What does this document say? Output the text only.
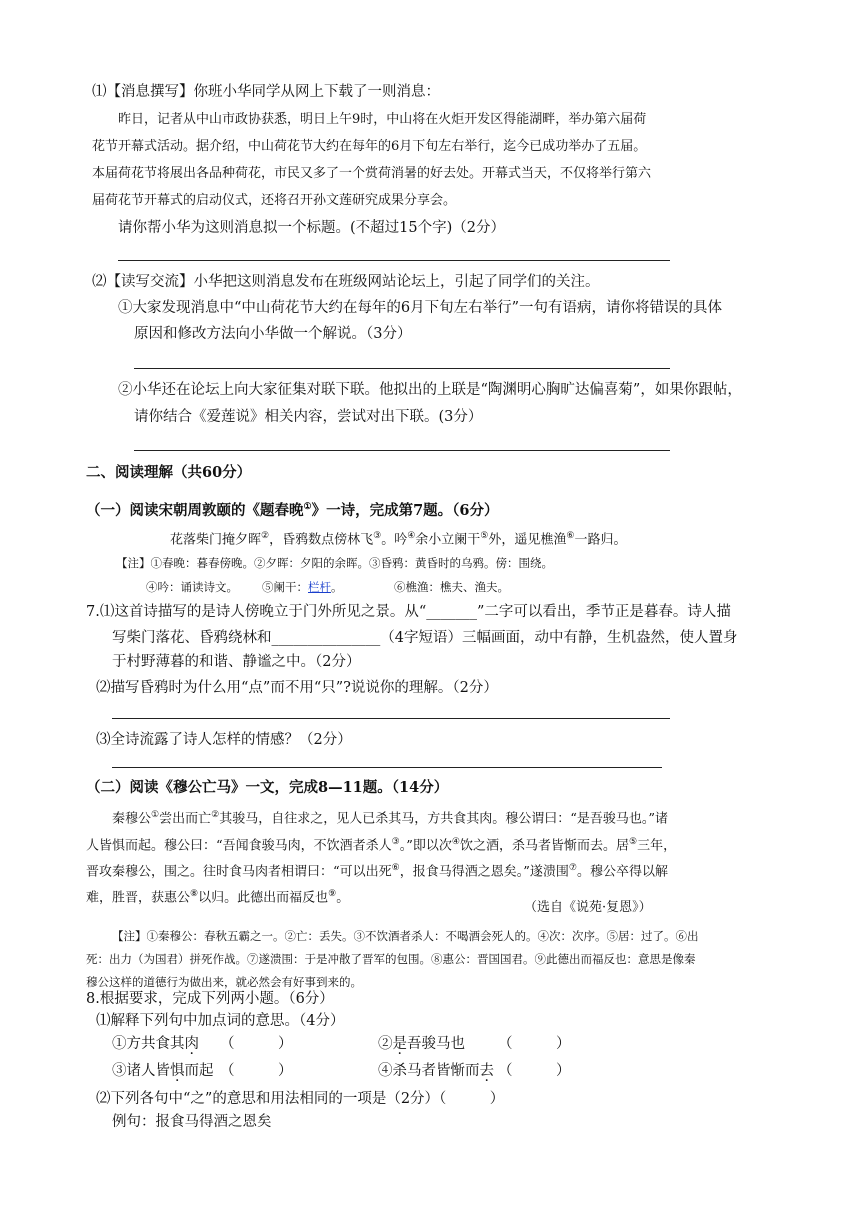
⑴【消息撰写】你班小华同学从网上下载了一则消息：
昨日，记者从中山市政协获悉，明日上午9时，中山将在火炬开发区得能湖畔，举办第六届荷
花节开幕式活动。据介绍，中山荷花节大约在每年的6月下旬左右举行，迄今已成功举办了五届。
本届荷花节将展出各品种荷花，市民又多了一个赏荷消暑的好去处。开幕式当天，不仅将举行第六
届荷花节开幕式的启动仪式，还将召开孙文莲研究成果分享会。
请你帮小华为这则消息拟一个标题。(不超过15个字)（2分）
⑵【读写交流】小华把这则消息发布在班级网站论坛上，引起了同学们的关注。
①大家发现消息中“中山荷花节大约在每年的6月下旬左右举行”一句有语病，请你将错误的具体
原因和修改方法向小华做一个解说。（3分）
②小华还在论坛上向大家征集对联下联。他拟出的上联是“陶渊明心胸旷达偏喜菊”，如果你跟帖，
请你结合《爱莲说》相关内容，尝试对出下联。(3分）
二、阅读理解（共60分）
（一）阅读宋朝周敦颐的《题春晚①》一诗，完成第7题。（6分）
花落柴门掩夕晖②，昏鸦数点傍林飞③。吟④余小立阑干⑤外，遥见樵渔⑥一路归。
【注】①春晚：暮春傍晚。②夕晖：夕阳的余晖。③昏鸦：黄昏时的乌鸦。傍：围绕。
④吟：诵读诗文。 ⑤阑干：栏杆。	⑥樵渔：樵夫、渔夫。
7.⑴这首诗描写的是诗人傍晚立于门外所见之景。从“_______”二字可以看出，季节正是暮春。诗人描
写柴门落花、昏鸦绕林和_______________（4字短语）三幅画面，动中有静，生机盎然，使人置身
于村野薄暮的和谐、静谧之中。（2分）
⑵描写昏鸦时为什么用“点”而不用“只”?说说你的理解。（2分）
⑶全诗流露了诗人怎样的情感？（2分）
（二）阅读《穆公亡马》一文，完成8—11题。（14分）
秦穆公①尝出而亡②其骏马，自往求之，见人已杀其马，方共食其肉。穆公谓曰：“是吾骏马也。”诸
人皆惧而起。穆公曰：“吾闻食骏马肉，不饮酒者杀人③。”即以次④饮之酒，杀马者皆惭而去。居⑤三年，
晋攻秦穆公，围之。往时食马肉者相谓曰：“可以出死⑥，报食马得酒之恩矣。”遂溃围⑦。穆公卒得以解
难，胜晋，获惠公⑧以归。此德出而福反也⑨。
（选自《说苑·复恩》）
【注】①秦穆公：春秋五霸之一。②亡：丢失。③不饮酒者杀人：不喝酒会死人的。④次：次序。⑤居：过了。⑥出
死：出力（为国君）拼死作战。⑦遂溃围：于是冲散了晋军的包围。⑧惠公：晋国国君。⑨此德出而福反也：意思是像秦
穆公这样的道德行为做出来，就必然会有好事到来的。
8.根据要求，完成下列两小题。（6分）
⑴解释下列句中加点词的意思。（4分）
①方共食其肉 （　　　）	②是吾骏马也 （　　　）
③诸人皆惧而起 （　　　）	④杀马者皆惭而去 （　　　）
⑵下列各句中“之”的意思和用法相同的一项是（2分）（　　　）
例句：报食马得酒之恩矣
